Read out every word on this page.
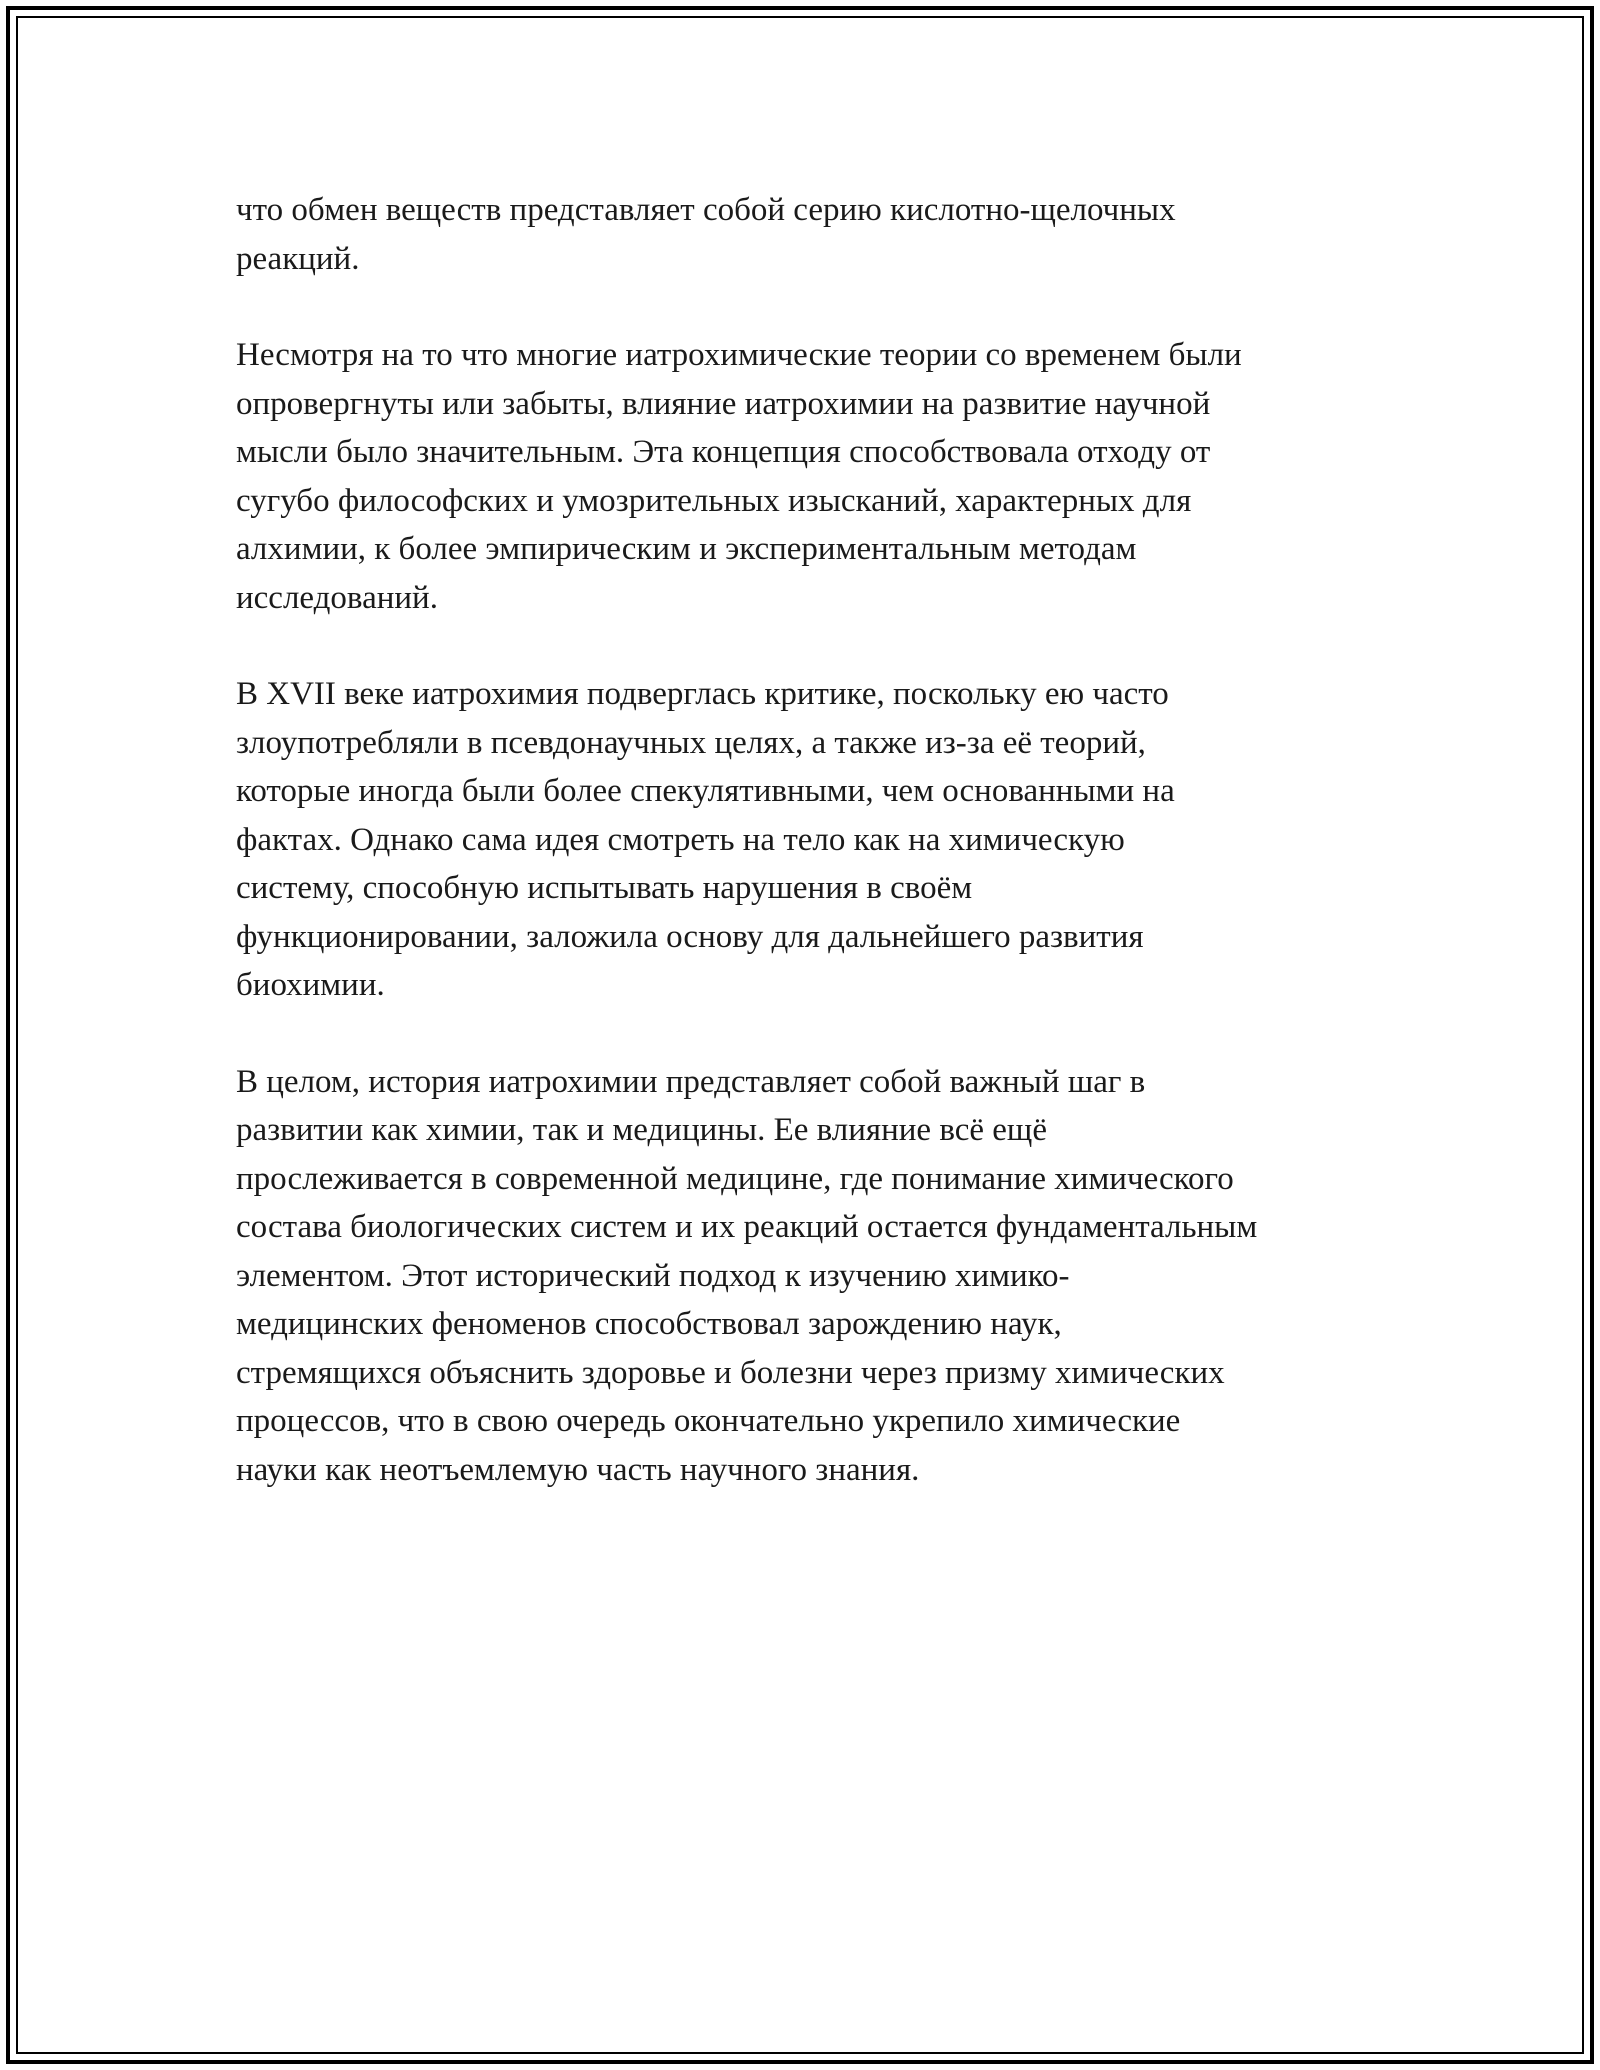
что обмен веществ представляет собой серию кислотно-щелочных
реакций.

Несмотря на то что многие иатрохимические теории со временем были
опровергнуты или забыты, влияние иатрохимии на развитие научной
мысли было значительным. Эта концепция способствовала отходу от
сугубо философских и умозрительных изысканий, характерных для
алхимии, к более эмпирическим и экспериментальным методам
исследований.

В XVII веке иатрохимия подверглась критике, поскольку ею часто
злоупотребляли в псевдонаучных целях, а также из-за её теорий,
которые иногда были более спекулятивными, чем основанными на
фактах. Однако сама идея смотреть на тело как на химическую
систему, способную испытывать нарушения в своём
функционировании, заложила основу для дальнейшего развития
биохимии.

В целом, история иатрохимии представляет собой важный шаг в
развитии как химии, так и медицины. Ее влияние всё ещё
прослеживается в современной медицине, где понимание химического
состава биологических систем и их реакций остается фундаментальным
элементом. Этот исторический подход к изучению химико-
медицинских феноменов способствовал зарождению наук,
стремящихся объяснить здоровье и болезни через призму химических
процессов, что в свою очередь окончательно укрепило химические
науки как неотъемлемую часть научного знания.
